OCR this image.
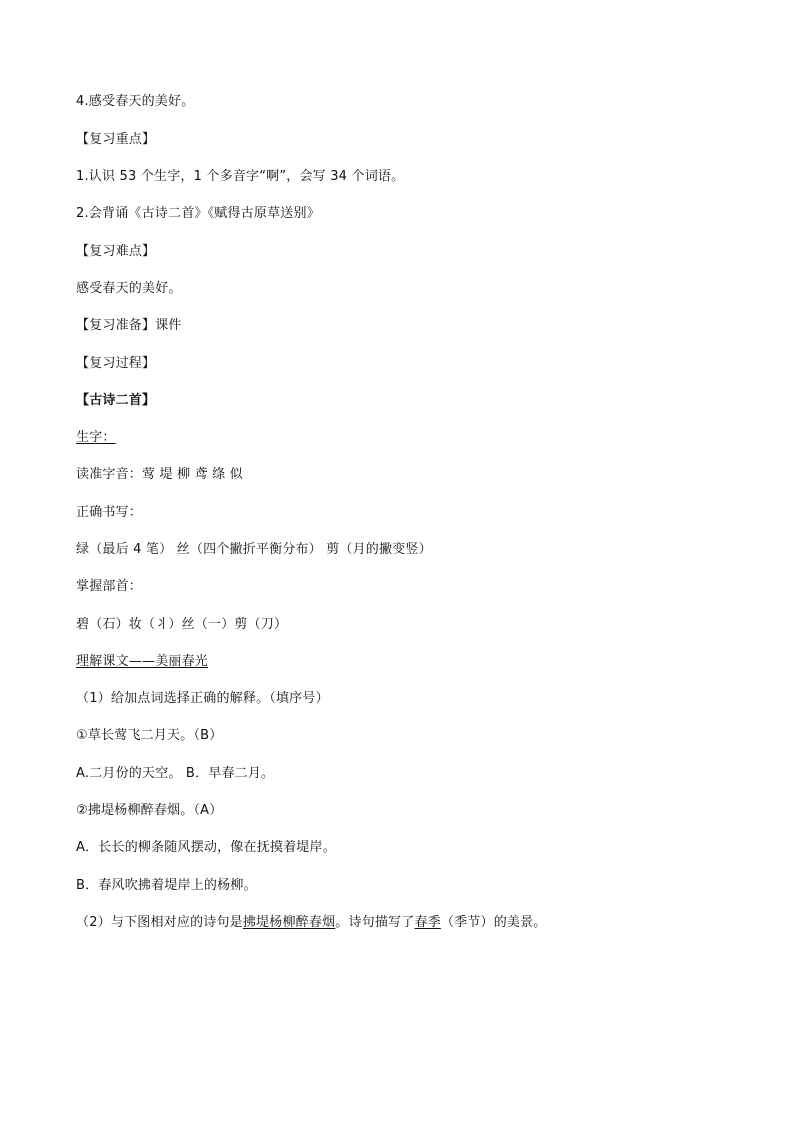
4.感受春天的美好。

【复习重点】

1.认识 53 个生字，1 个多音字“啊”，会写 34 个词语。

2.会背诵《古诗二首》《赋得古原草送别》

【复习难点】

感受春天的美好。

【复习准备】课件

【复习过程】

【古诗二首】

生字：

读准字音：莺 堤 柳 鸢 绦 似

正确书写：

绿（最后 4 笔） 丝（四个撇折平衡分布） 剪（月的撇变竖）

掌握部首：

碧（石）妆（丬）丝（一）剪（刀）

理解课文——美丽春光

（1）给加点词选择正确的解释。（填序号）

①草长莺飞二月天。（B）

A.二月份的天空。 B．早春二月。

②拂堤杨柳醉春烟。（A）

A．长长的柳条随风摆动，像在抚摸着堤岸。

B．春风吹拂着堤岸上的杨柳。

（2）与下图相对应的诗句是拂堤杨柳醉春烟。诗句描写了春季（季节）的美景。
